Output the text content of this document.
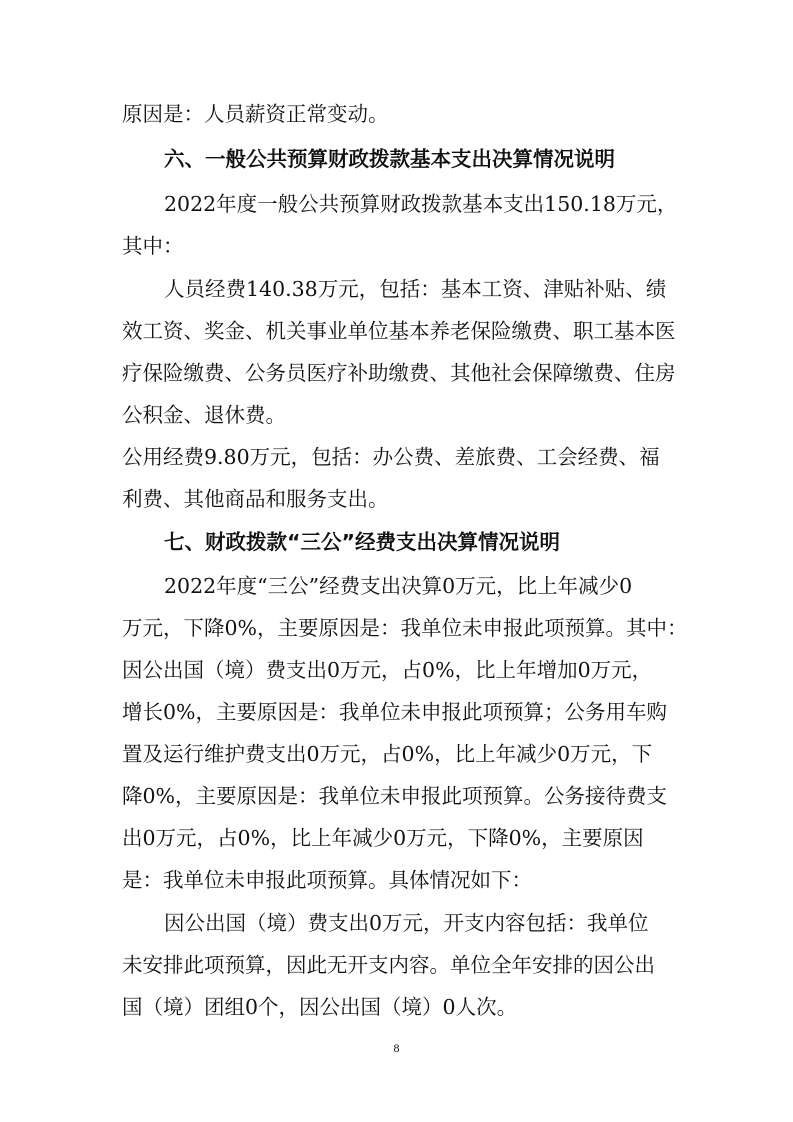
原因是：人员薪资正常变动。
六、一般公共预算财政拨款基本支出决算情况说明
2022年度一般公共预算财政拨款基本支出150.18万元，
其中：
人员经费140.38万元，包括：基本工资、津贴补贴、绩
效工资、奖金、机关事业单位基本养老保险缴费、职工基本医
疗保险缴费、公务员医疗补助缴费、其他社会保障缴费、住房
公积金、退休费。
公用经费9.80万元，包括：办公费、差旅费、工会经费、福
利费、其他商品和服务支出。
七、财政拨款“三公”经费支出决算情况说明
2022年度“三公”经费支出决算0万元，比上年减少0
万元，下降0%，主要原因是：我单位未申报此项预算。其中：
因公出国（境）费支出0万元，占0%，比上年增加0万元，
增长0%，主要原因是：我单位未申报此项预算；公务用车购
置及运行维护费支出0万元，占0%，比上年减少0万元，下
降0%，主要原因是：我单位未申报此项预算。公务接待费支
出0万元，占0%，比上年减少0万元，下降0%，主要原因
是：我单位未申报此项预算。具体情况如下：
因公出国（境）费支出0万元，开支内容包括：我单位
未安排此项预算，因此无开支内容。单位全年安排的因公出
国（境）团组0个，因公出国（境）0人次。
8
